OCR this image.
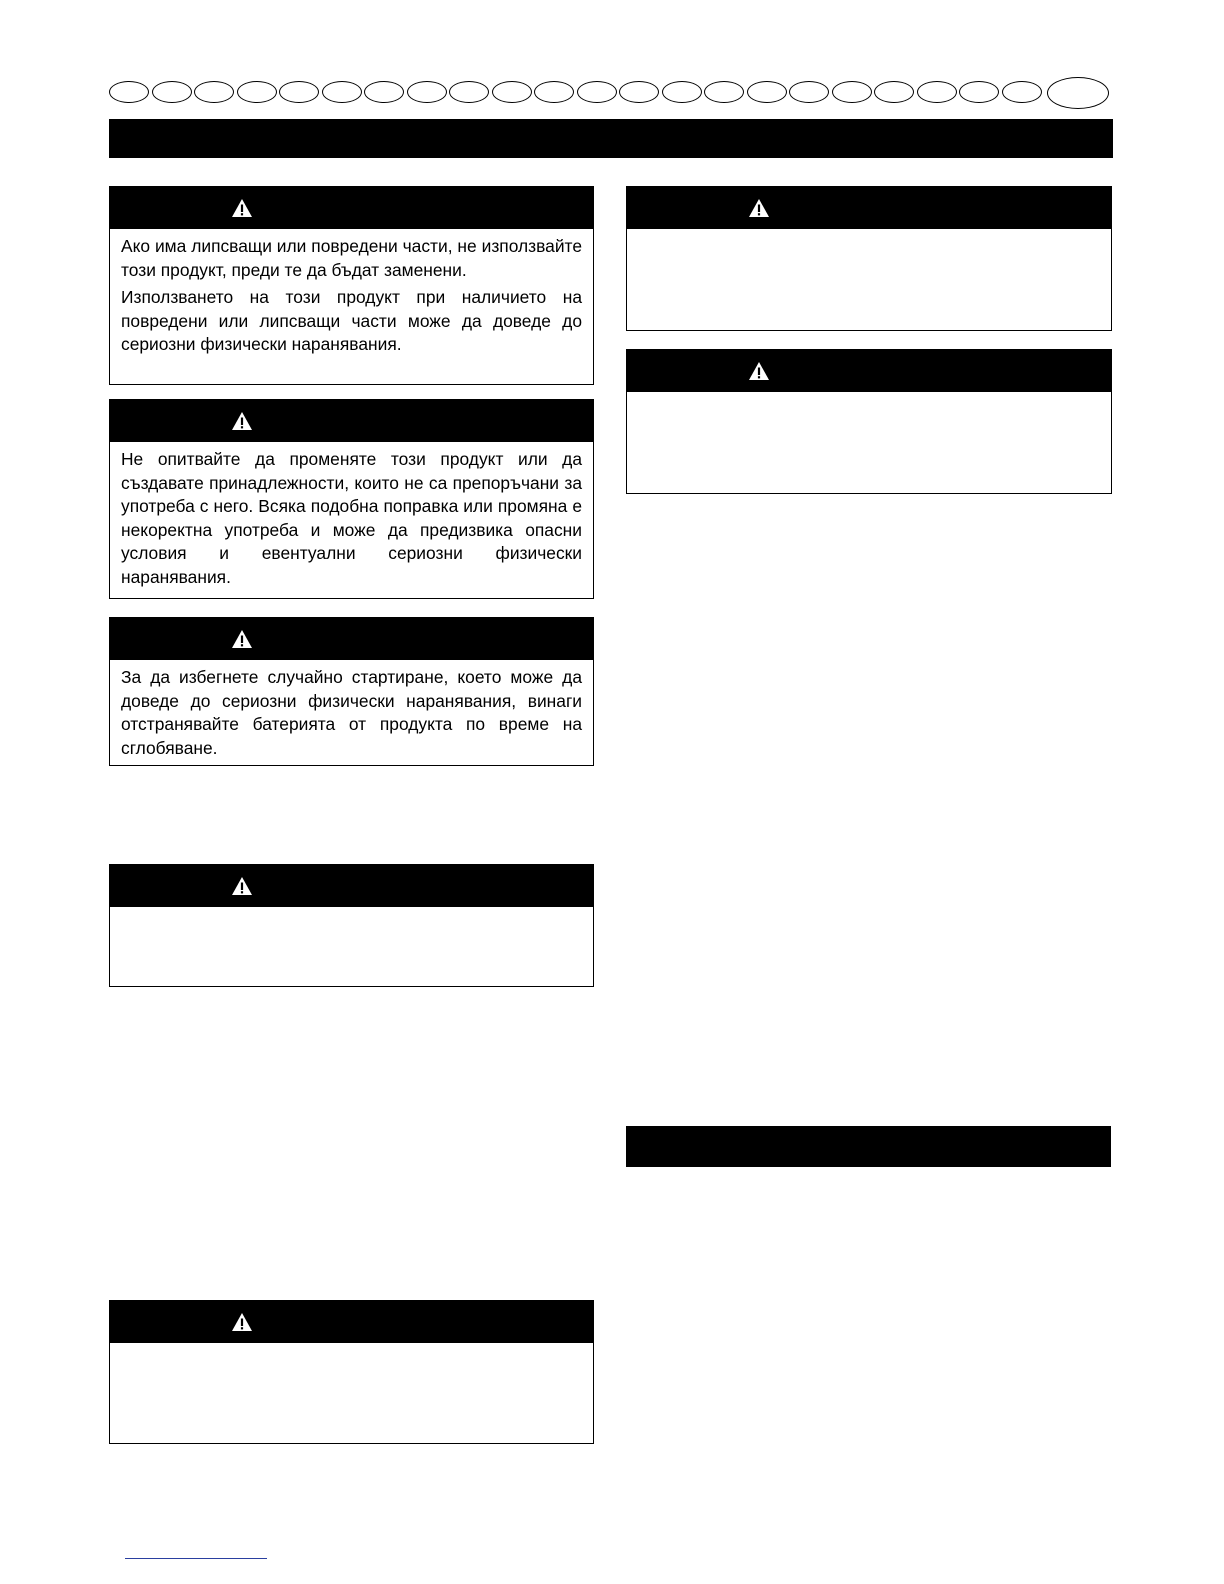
Ако има липсващи или повредени части, не използвайте този продукт, преди те да бъдат заменени.

Използването на този продукт при наличието на повредени или липсващи части може да доведе до сериозни физически наранявания.

Не опитвайте да променяте този продукт или да създавате принадлежности, които не са препоръчани за употреба с него. Всяка подобна поправка или промяна е некоректна употреба и може да предизвика опасни условия и евентуални сериозни физически наранявания.

За да избегнете случайно стартиране, което може да доведе до сериозни физически наранявания, винаги отстранявайте батерията от продукта по време на сглобяване.
